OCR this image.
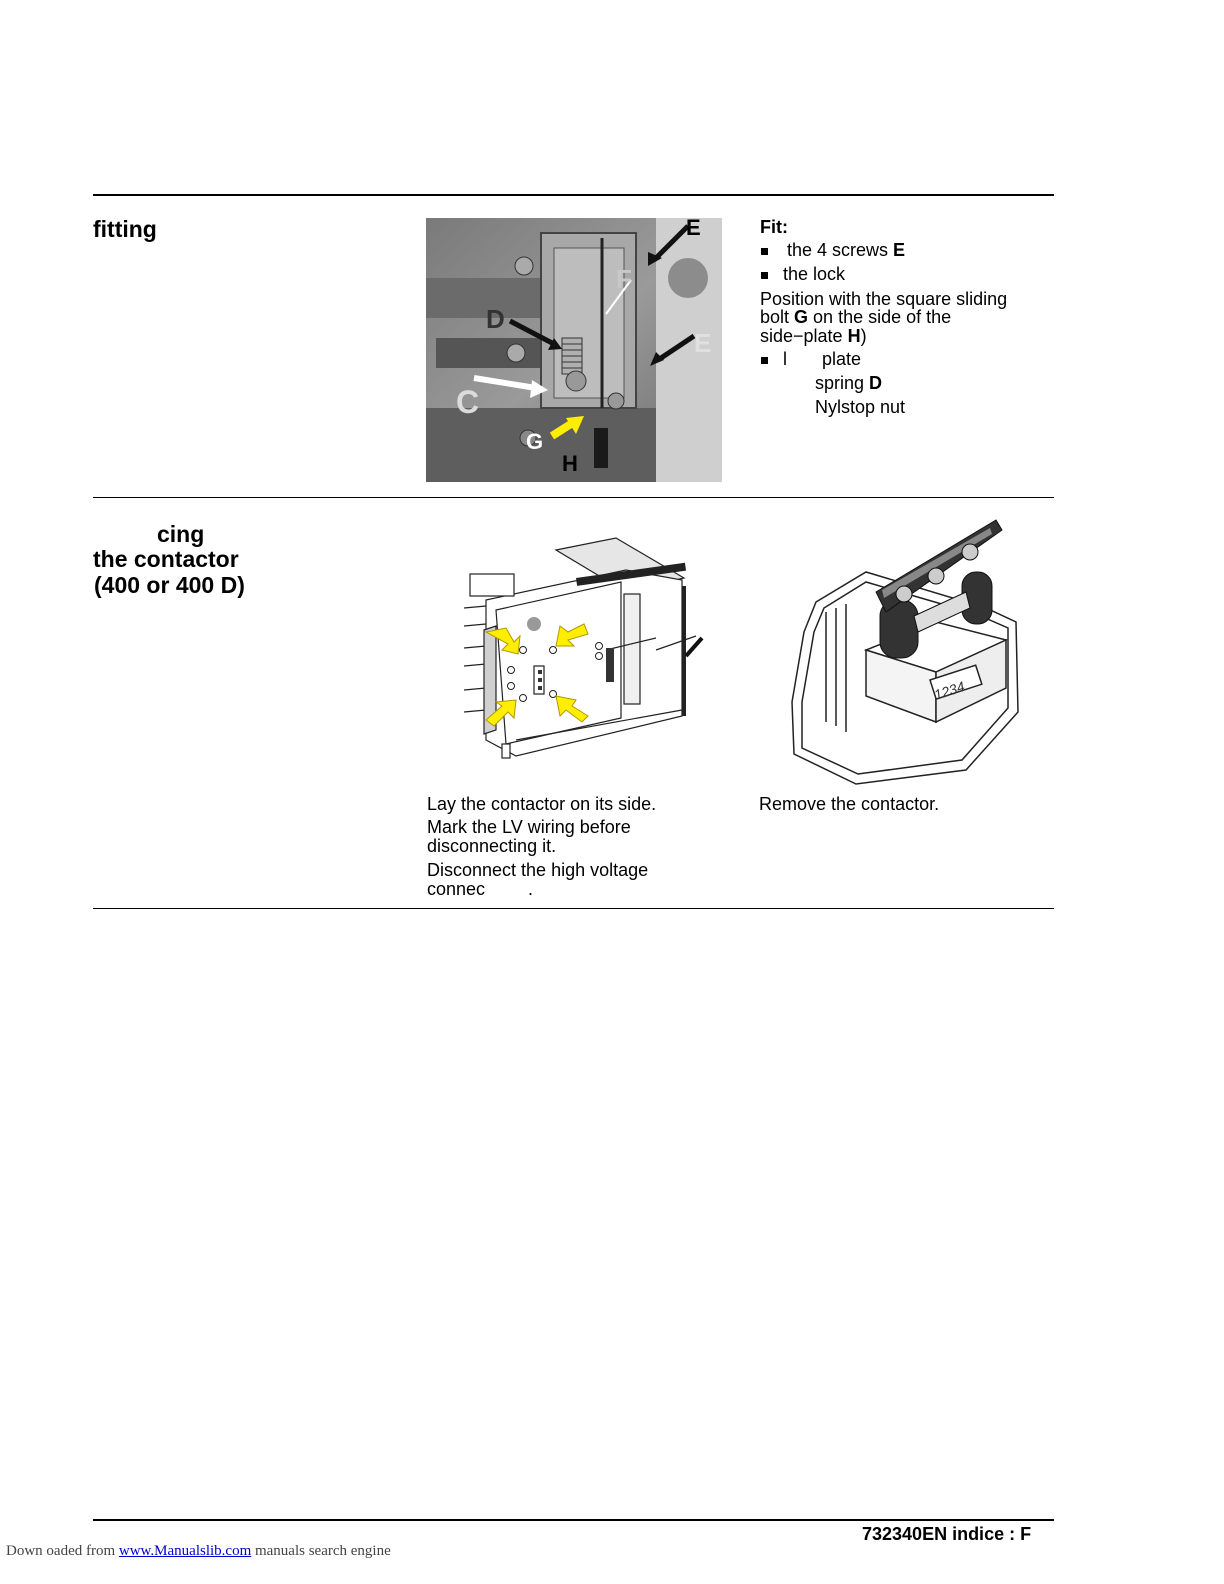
fitting	E
F
D
E
C
G
H
Fit:
the 4 screws E
the lock
Position with the square sliding
bolt G on the side of the
side−plate H)
l plate
spring D
Nylstop nut
cing
the contactor
(400 or 400 D)
1234
Lay the contactor on its side.
Mark the LV wiring before
disconnecting it.
Disconnect the high voltage
connec .
Remove the contactor.
732340EN indice : F
Down oaded from www.Manualslib.com manuals search engine
